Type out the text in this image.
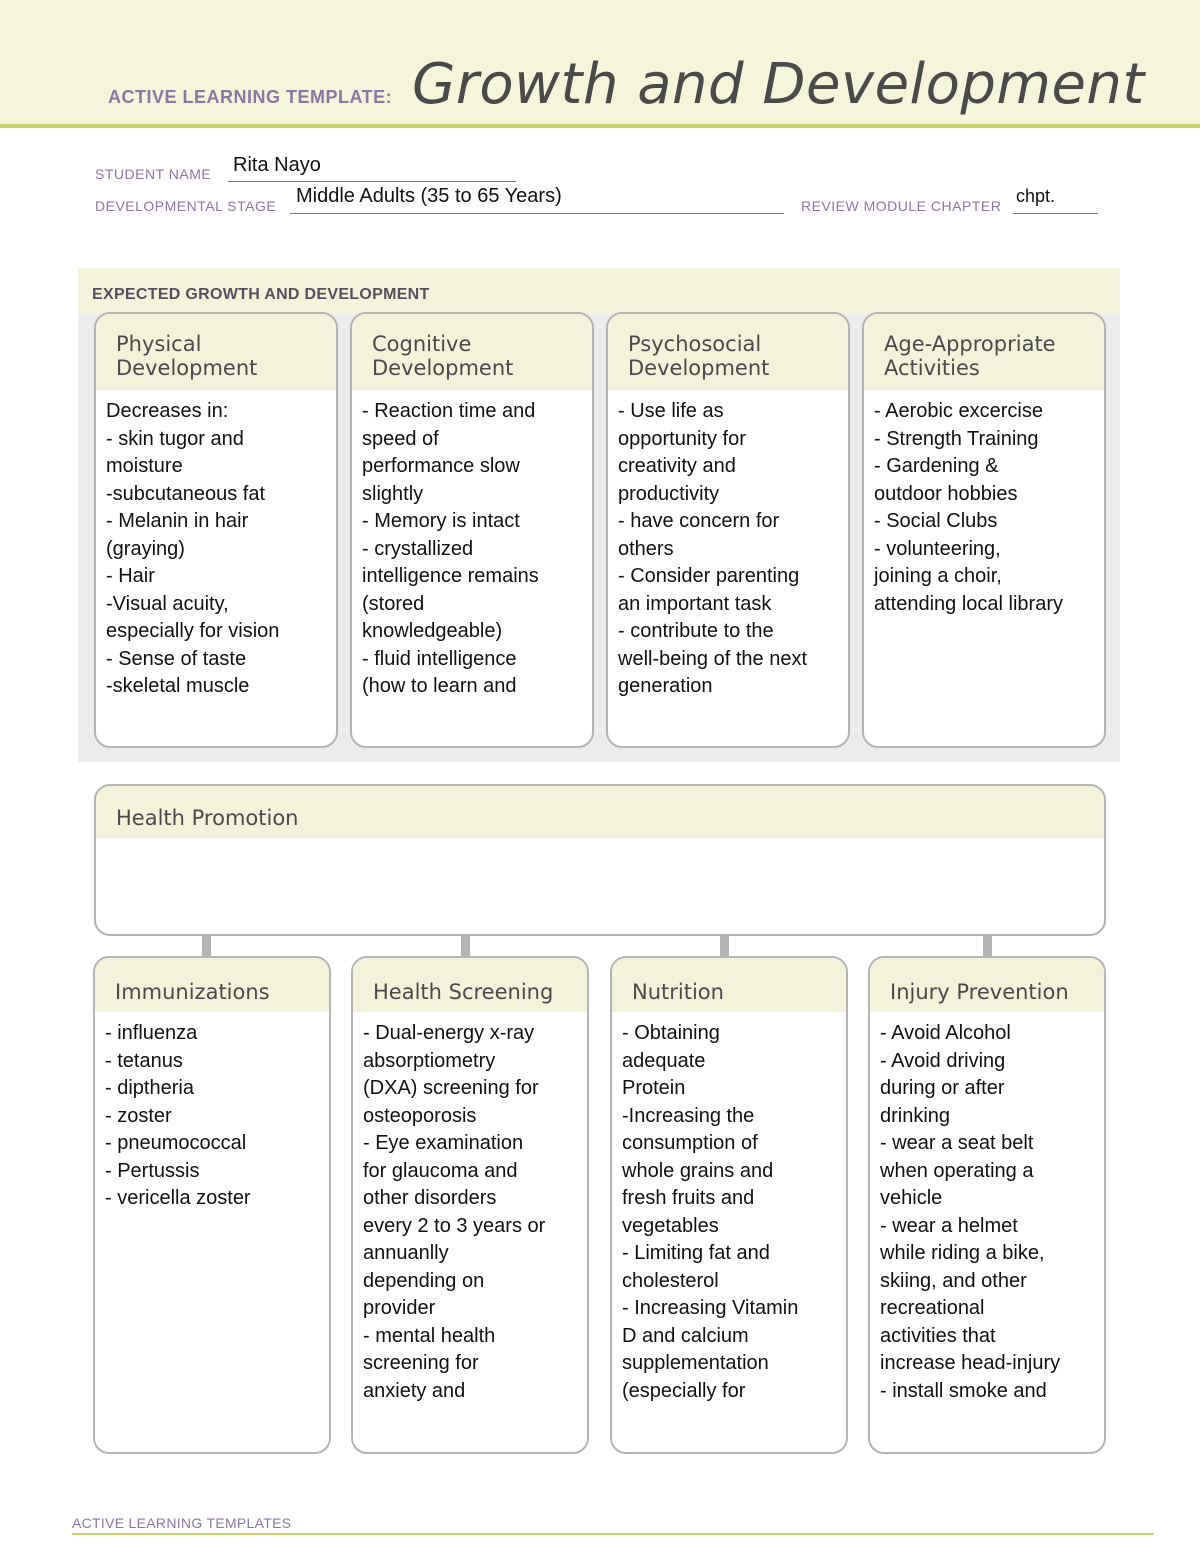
ACTIVE LEARNING TEMPLATE: Growth and Development
STUDENT NAME Rita Nayo
DEVELOPMENTAL STAGE Middle Adults (35 to 65 Years)	REVIEW MODULE CHAPTER chpt.
EXPECTED GROWTH AND DEVELOPMENT
Physical
Development
Decreases in:
- skin tugor and
moisture
-subcutaneous fat
- Melanin in hair
(graying)
- Hair
-Visual acuity,
especially for vision
- Sense of taste
-skeletal muscle
Cognitive
Development
- Reaction time and
speed of
performance slow
slightly
- Memory is intact
- crystallized
intelligence remains
(stored
knowledgeable)
- fluid intelligence
(how to learn and
Psychosocial
Development
- Use life as
opportunity for
creativity and
productivity
- have concern for
others
- Consider parenting
an important task
- contribute to the
well-being of the next
generation
Age-Appropriate
Activities
- Aerobic excercise
- Strength Training
- Gardening &
outdoor hobbies
- Social Clubs
- volunteering,
joining a choir,
attending local library
Health Promotion
Immunizations
- influenza
- tetanus
- diptheria
- zoster
- pneumococcal
- Pertussis
- vericella zoster
Health Screening
- Dual-energy x-ray
absorptiometry
(DXA) screening for
osteoporosis
- Eye examination
for glaucoma and
other disorders
every 2 to 3 years or
annuanlly
depending on
provider
- mental health
screening for
anxiety and
Nutrition
- Obtaining
adequate
Protein
-Increasing the
consumption of
whole grains and
fresh fruits and
vegetables
- Limiting fat and
cholesterol
- Increasing Vitamin
D and calcium
supplementation
(especially for
Injury Prevention
- Avoid Alcohol
- Avoid driving
during or after
drinking
- wear a seat belt
when operating a
vehicle
- wear a helmet
while riding a bike,
skiing, and other
recreational
activities that
increase head-injury
- install smoke and
ACTIVE LEARNING TEMPLATES
